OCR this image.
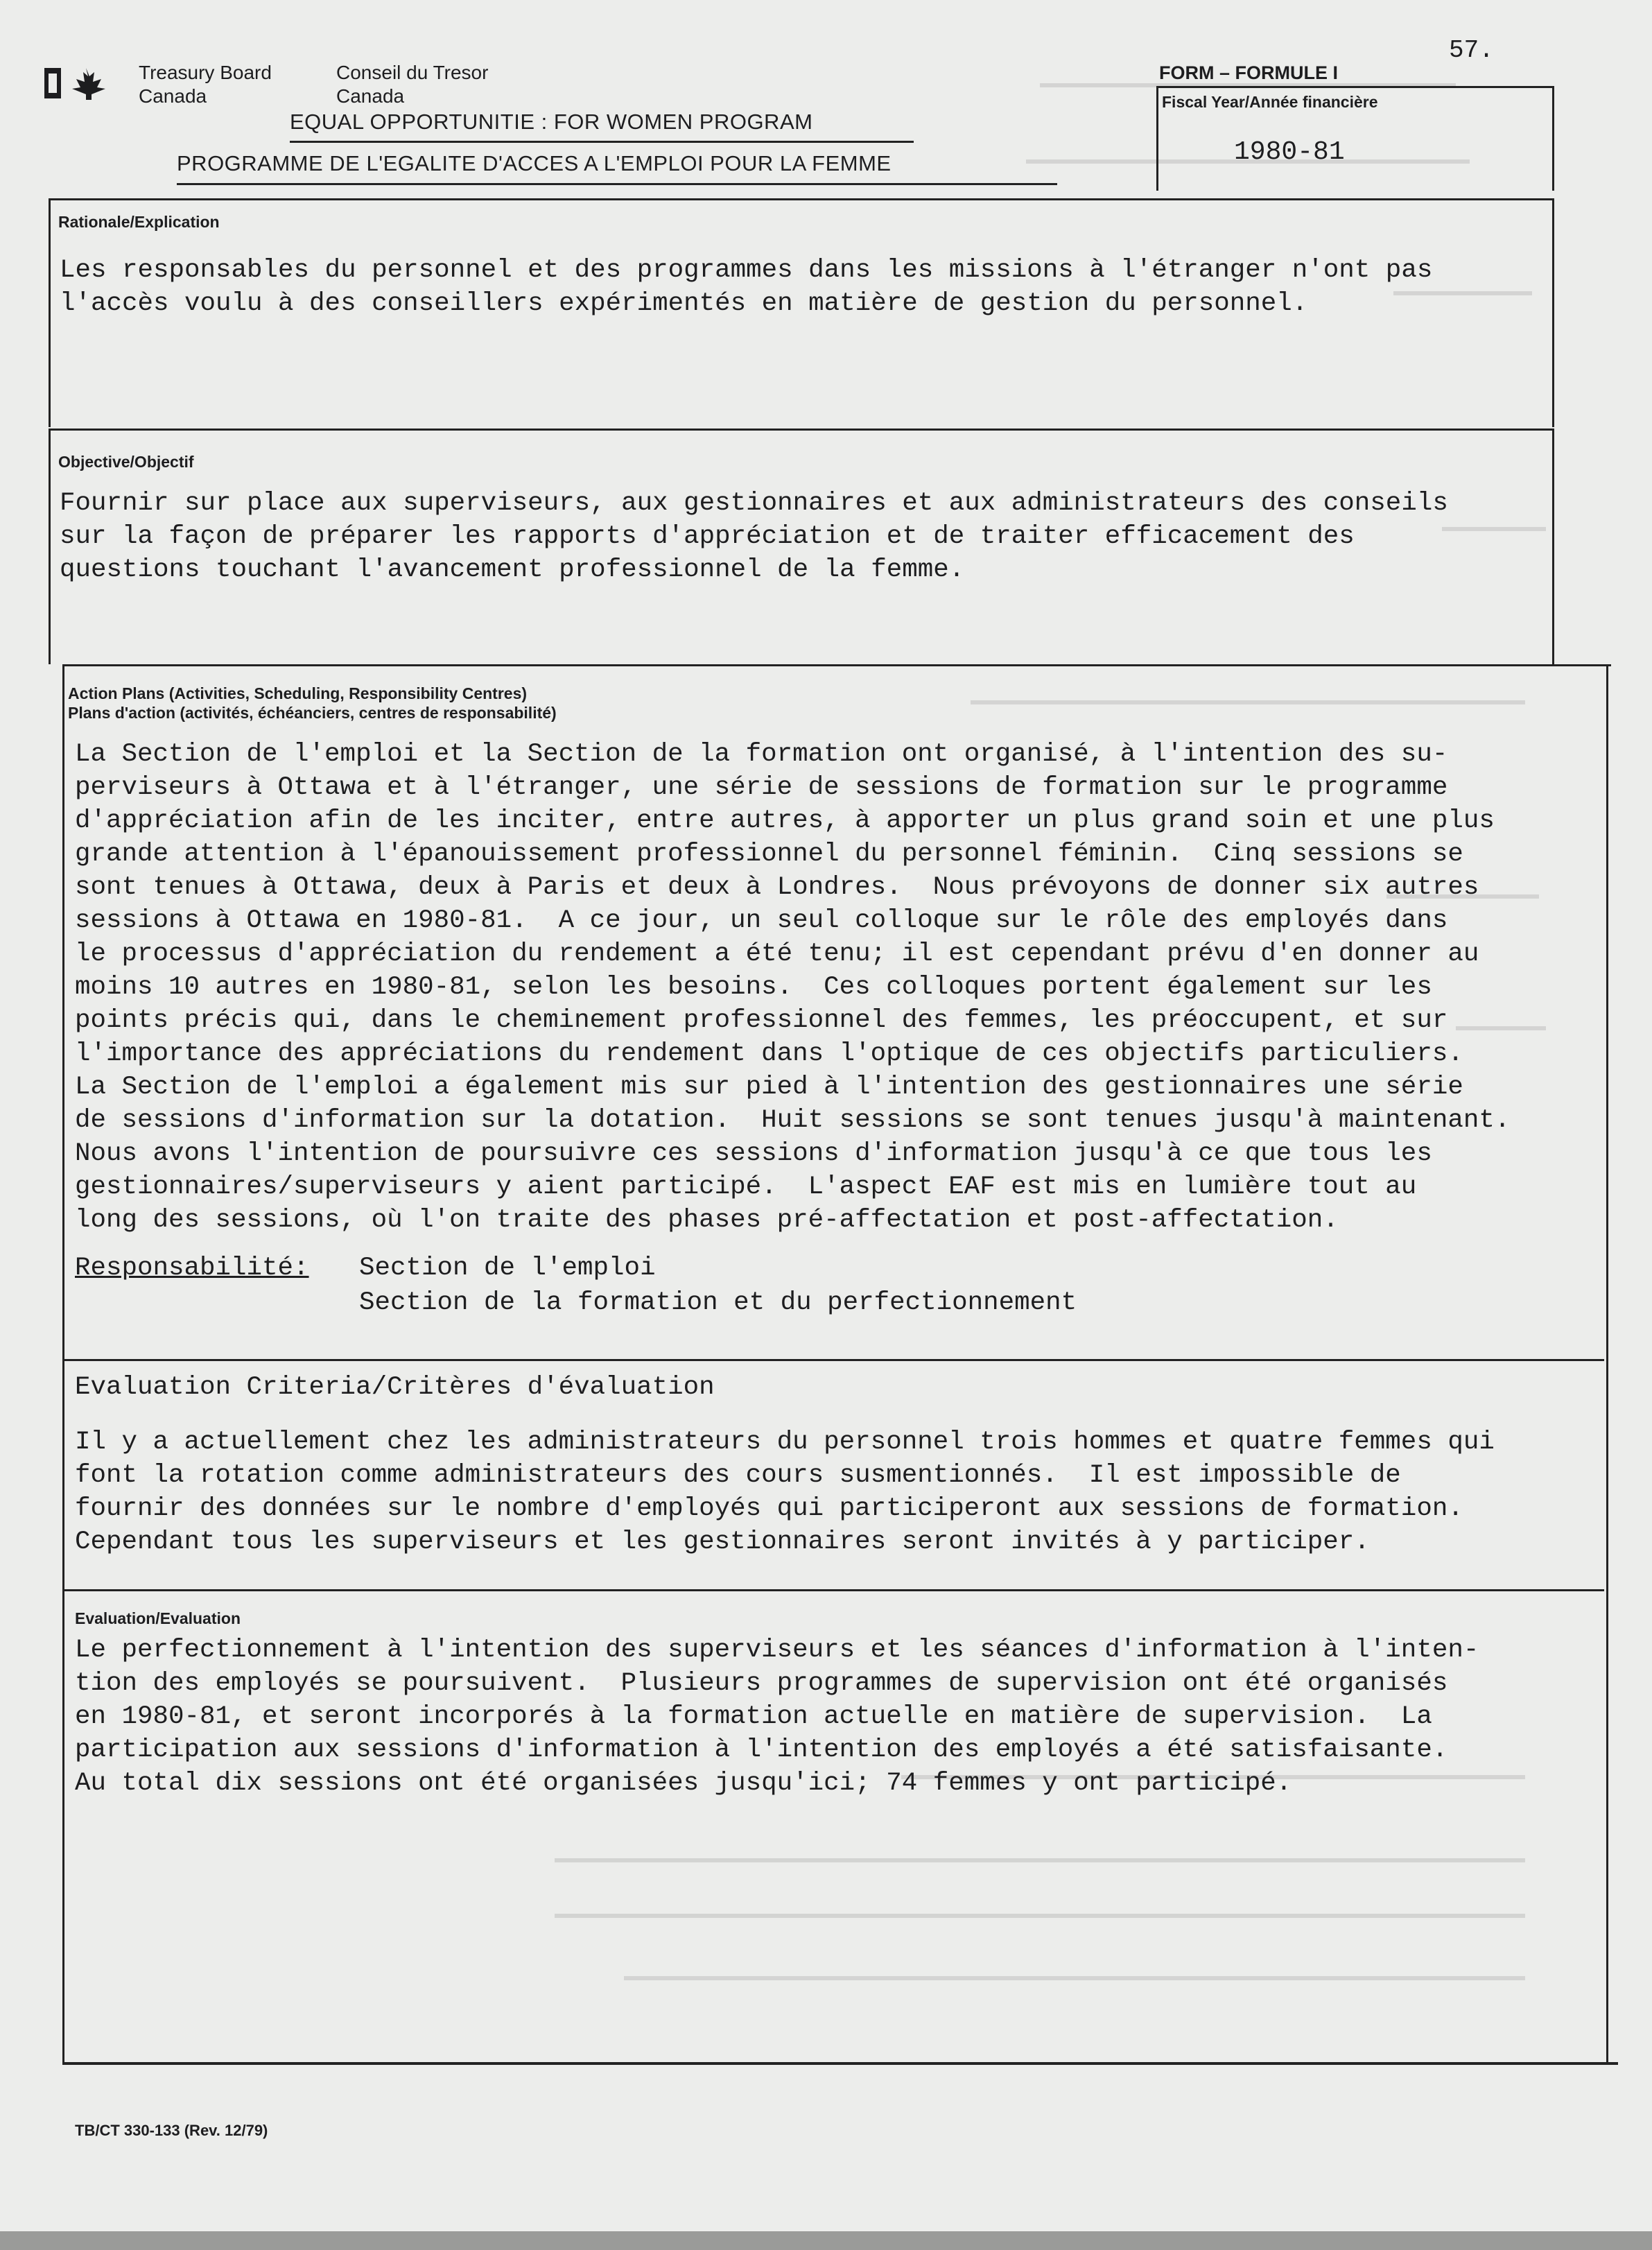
57.
Treasury Board
Canada
Conseil du Tresor
Canada
EQUAL OPPORTUNITIE : FOR WOMEN PROGRAM
PROGRAMME DE L'EGALITE D'ACCES A L'EMPLOI POUR LA FEMME
FORM – FORMULE I
Fiscal Year/Année financière
1980-81
Rationale/Explication
Les responsables du personnel et des programmes dans les missions à l'étranger n'ont pas
l'accès voulu à des conseillers expérimentés en matière de gestion du personnel.
Objective/Objectif
Fournir sur place aux superviseurs, aux gestionnaires et aux administrateurs des conseils
sur la façon de préparer les rapports d'appréciation et de traiter efficacement des
questions touchant l'avancement professionnel de la femme.
Action Plans (Activities, Scheduling, Responsibility Centres)
Plans d'action (activités, échéanciers, centres de responsabilité)
La Section de l'emploi et la Section de la formation ont organisé, à l'intention des su-
perviseurs à Ottawa et à l'étranger, une série de sessions de formation sur le programme
d'appréciation afin de les inciter, entre autres, à apporter un plus grand soin et une plus
grande attention à l'épanouissement professionnel du personnel féminin.  Cinq sessions se
sont tenues à Ottawa, deux à Paris et deux à Londres.  Nous prévoyons de donner six autres
sessions à Ottawa en 1980-81.  A ce jour, un seul colloque sur le rôle des employés dans
le processus d'appréciation du rendement a été tenu; il est cependant prévu d'en donner au
moins 10 autres en 1980-81, selon les besoins.  Ces colloques portent également sur les
points précis qui, dans le cheminement professionnel des femmes, les préoccupent, et sur
l'importance des appréciations du rendement dans l'optique de ces objectifs particuliers.
La Section de l'emploi a également mis sur pied à l'intention des gestionnaires une série
de sessions d'information sur la dotation.  Huit sessions se sont tenues jusqu'à maintenant.
Nous avons l'intention de poursuivre ces sessions d'information jusqu'à ce que tous les
gestionnaires/superviseurs y aient participé.  L'aspect EAF est mis en lumière tout au
long des sessions, où l'on traite des phases pré-affectation et post-affectation.
Responsabilité: Section de l'emploi
Section de la formation et du perfectionnement
Evaluation Criteria/Critères d'évaluation
Il y a actuellement chez les administrateurs du personnel trois hommes et quatre femmes qui
font la rotation comme administrateurs des cours susmentionnés.  Il est impossible de
fournir des données sur le nombre d'employés qui participeront aux sessions de formation.
Cependant tous les superviseurs et les gestionnaires seront invités à y participer.
Evaluation/Evaluation
Le perfectionnement à l'intention des superviseurs et les séances d'information à l'inten-
tion des employés se poursuivent.  Plusieurs programmes de supervision ont été organisés
en 1980-81, et seront incorporés à la formation actuelle en matière de supervision.  La
participation aux sessions d'information à l'intention des employés a été satisfaisante.
Au total dix sessions ont été organisées jusqu'ici; 74 femmes y ont participé.
TB/CT 330-133 (Rev. 12/79)
